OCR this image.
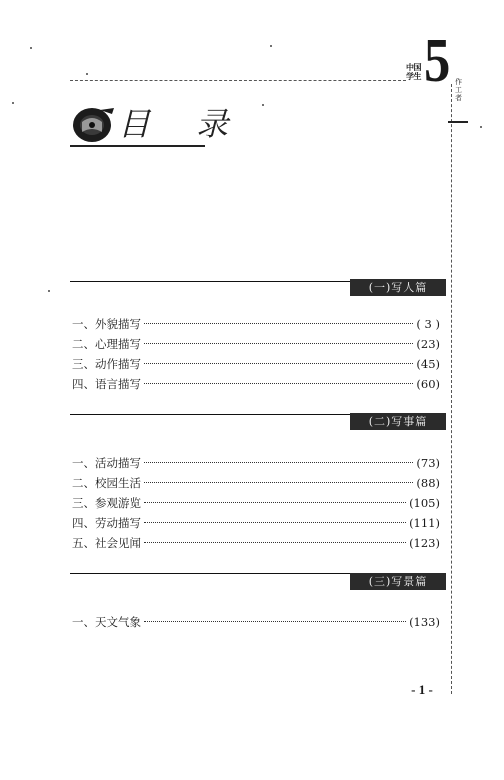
中国
学生 5 作工者
目 录
(一)写人篇
一、外貌描写	( 3 )
二、心理描写	(23)
三、动作描写	(45)
四、语言描写	(60)
(二)写事篇
一、活动描写	(73)
二、校园生活	(88)
三、参观游览	(105)
四、劳动描写	(111)
五、社会见闻	(123)
(三)写景篇
一、天文气象	(133)
- 1 -
